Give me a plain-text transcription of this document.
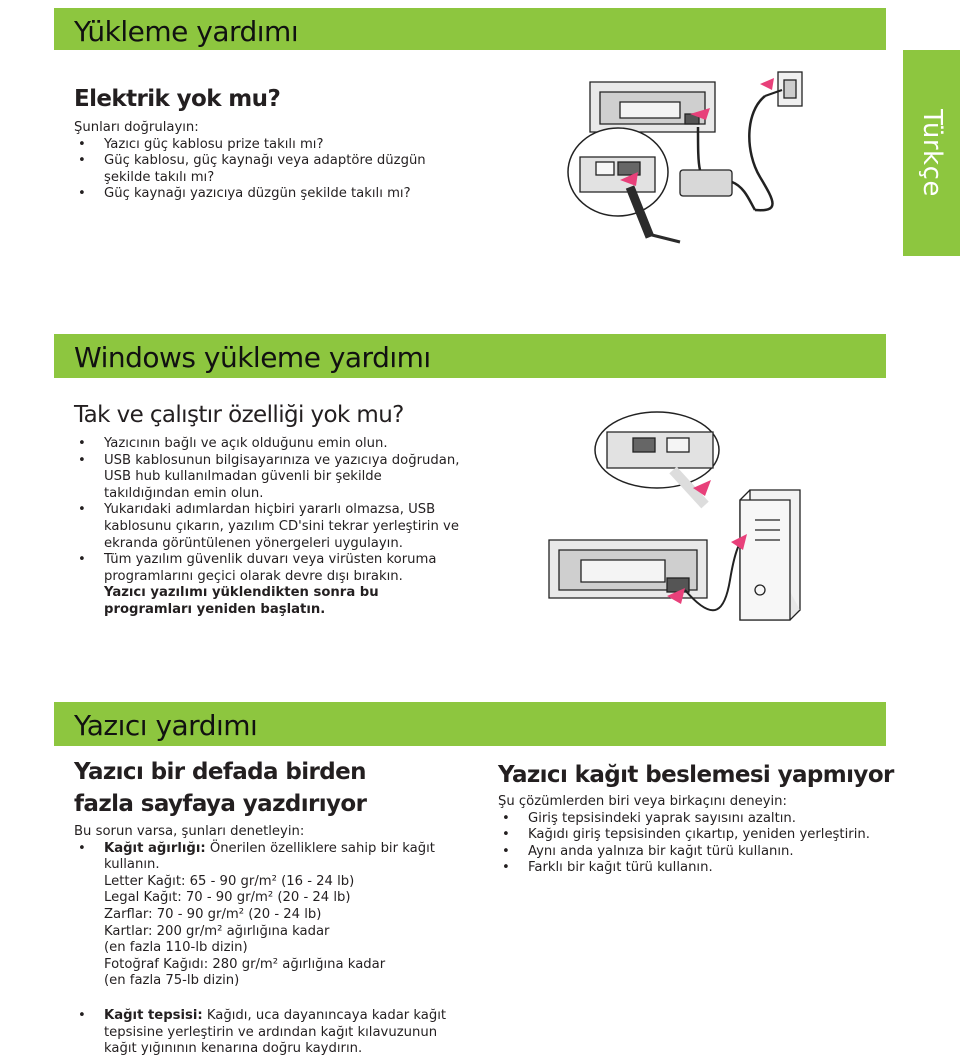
Yükleme yardımı
Türkçe
Elektrik yok mu?

Şunları doğrulayın:

• Yazıcı güç kablosu prize takılı mı?
• Güç kablosu, güç kaynağı veya adaptöre düzgün şekilde takılı mı?
• Güç kaynağı yazıcıya düzgün şekilde takılı mı?
Windows yükleme yardımı
Tak ve çalıştır özelliği yok mu?
• Yazıcının bağlı ve açık olduğunu emin olun.
• USB kablosunun bilgisayarınıza ve yazıcıya doğrudan, USB hub kullanılmadan güvenli bir şekilde takıldığından emin olun.
• Yukarıdaki adımlardan hiçbiri yararlı olmazsa, USB kablosunu çıkarın, yazılım CD'sini tekrar yerleştirin ve ekranda görüntülenen yönergeleri uygulayın.
• Tüm yazılım güvenlik duvarı veya virüsten koruma programlarını geçici olarak devre dışı bırakın.

Yazıcı yazılımı yüklendikten sonra bu programları yeniden başlatın.

Yazıcı yardımı
Yazıcı bir defada birden fazla sayfaya yazdırıyor

Bu sorun varsa, şunları denetleyin:

• Kağıt ağırlığı: Önerilen özelliklere sahip bir kağıt kullanın.
Letter Kağıt: 65 - 90 gr/m² (16 - 24 lb)
Legal Kağıt: 70 - 90 gr/m² (20 - 24 lb)
Zarflar: 70 - 90 gr/m² (20 - 24 lb)
Kartlar: 200 gr/m² ağırlığına kadar
(en fazla 110-lb dizin)
Fotoğraf Kağıdı: 280 gr/m² ağırlığına kadar
(en fazla 75-lb dizin)
• Kağıt tepsisi: Kağıdı, uca dayanıncaya kadar kağıt tepsisine yerleştirin ve ardından kağıt kılavuzunun kağıt yığınının kenarına doğru kaydırın.
Yazıcı kağıt beslemesi yapmıyor

Şu çözümlerden biri veya birkaçını deneyin:

• Giriş tepsisindeki yaprak sayısını azaltın.
• Kağıdı giriş tepsisinden çıkartıp, yeniden yerleştirin.
• Aynı anda yalnıza bir kağıt türü kullanın.
• Farklı bir kağıt türü kullanın.
